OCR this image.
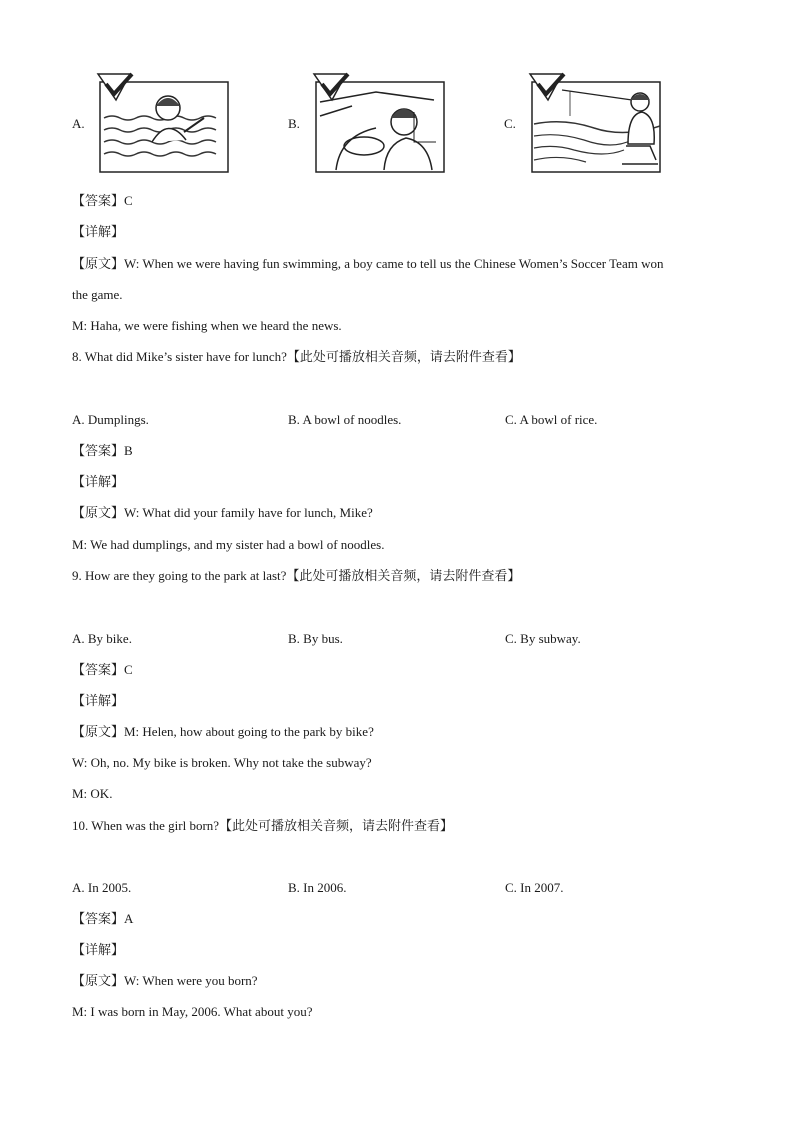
A.	B.	C.
【答案】C
【详解】
【原文】W: When we were having fun swimming, a boy came to tell us the Chinese Women’s Soccer Team won
the game.
M: Haha, we were fishing when we heard the news.
8. What did Mike’s sister have for lunch?【此处可播放相关音频，请去附件查看】
A. Dumplings.	B. A bowl of noodles.	C. A bowl of rice.
【答案】B
【详解】
【原文】W: What did your family have for lunch, Mike?
M: We had dumplings, and my sister had a bowl of noodles.
9. How are they going to the park at last?【此处可播放相关音频，请去附件查看】
A. By bike.	B. By bus.	C. By subway.
【答案】C
【详解】
【原文】M: Helen, how about going to the park by bike?
W: Oh, no. My bike is broken. Why not take the subway?
M: OK.
10. When was the girl born?【此处可播放相关音频，请去附件查看】
A. In 2005.	B. In 2006.	C. In 2007.
【答案】A
【详解】
【原文】W: When were you born?
M: I was born in May, 2006. What about you?
